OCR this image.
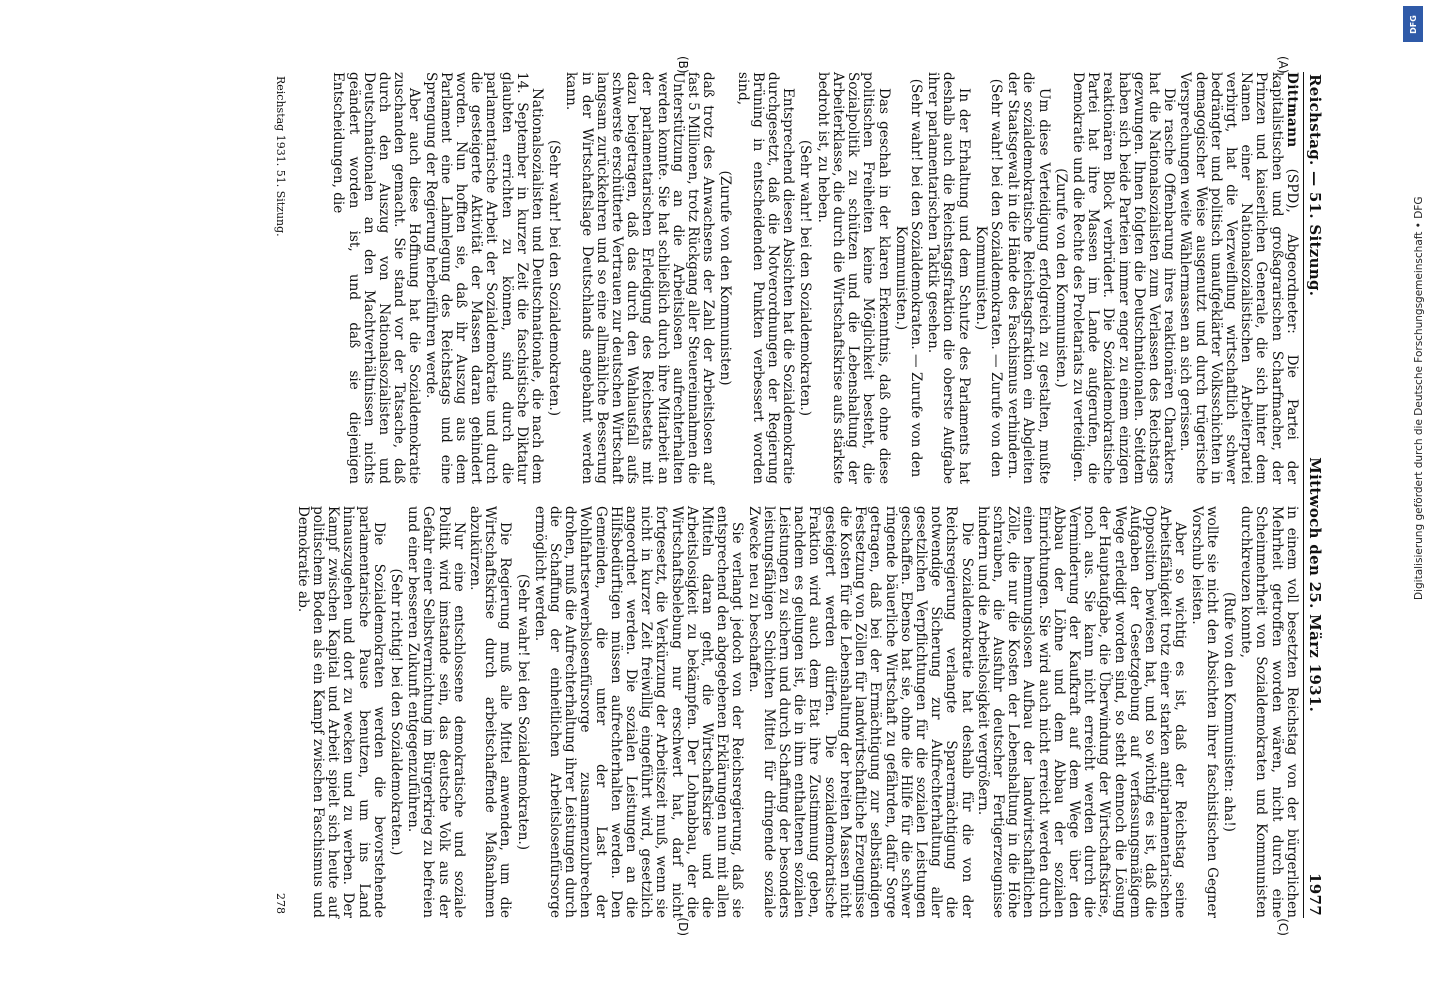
Reichstag. — 51. Sitzung.
Mittwoch den 25. März 1931.
1977

Dittmann (SPD), Abgeordneter: Die Partei der kapitalistischen und großagrarischen Scharfmacher, der Prinzen und kaiserlichen Generale, die sich hinter dem Namen einer Nationalsozialistischen Arbeiterpartei verbirgt, hat die Verzweiflung wirtschaftlich schwer bedrängter und politisch unaufgeklärter Volksschichten in demagogischer Weise ausgenutzt und durch trügerische Versprechungen weite Wählermassen an sich gerissen.

Die rasche Offenbarung ihres reaktionären Charakters hat die Nationalsozialisten zum Verlassen des Reichstags gezwungen. Ihnen folgten die Deutschnationalen. Seitdem haben sich beide Parteien immer enger zu einem einzigen reaktionären Block verbrüdert. Die Sozialdemokratische Partei hat ihre Massen im Lande aufgerufen, die Demokratie und die Rechte des Proletariats zu verteidigen.

(Zurufe von den Kommunisten.)

Um diese Verteidigung erfolgreich zu gestalten, mußte die sozialdemokratische Reichstagsfraktion ein Abgleiten der Staatsgewalt in die Hände des Faschismus verhindern.

(Sehr wahr! bei den Sozialdemokraten. — Zurufe von den Kommunisten.)

In der Erhaltung und dem Schutze des Parlaments hat deshalb auch die Reichstagsfraktion die oberste Aufgabe ihrer parlamentarischen Taktik gesehen.

(Sehr wahr! bei den Sozialdemokraten. — Zurufe von den Kommunisten.)

Das geschah in der klaren Erkenntnis, daß ohne diese politischen Freiheiten keine Möglichkeit besteht, die Sozialpolitik zu schützen und die Lebenshaltung der Arbeiterklasse, die durch die Wirtschaftskrise aufs stärkste bedroht ist, zu heben.

(Sehr wahr! bei den Sozialdemokraten.)

Entsprechend diesen Absichten hat die Sozialdemokratie durchgesetzt, daß die Notverordnungen der Regierung Brüning in entscheidenden Punkten verbessert worden sind,

(Zurufe von den Kommunisten)

daß trotz des Anwachsens der Zahl der Arbeitslosen auf fast 5 Millionen, trotz Rückgang aller Steuereinnahmen die Unterstützung an die Arbeitslosen aufrechterhalten werden konnte. Sie hat schließlich durch ihre Mitarbeit an der parlamentarischen Erledigung des Reichsetats mit dazu beigetragen, daß das durch den Wahlausfall aufs schwerste erschütterte Vertrauen zur deutschen Wirtschaft langsam zurückkehren und so eine allmähliche Besserung in der Wirtschaftslage Deutschlands angebahnt werden kann.

(Sehr wahr! bei den Sozialdemokraten.)

Nationalsozialisten und Deutschnationale, die nach dem 14. September in kurzer Zeit die faschistische Diktatur glaubten errichten zu können, sind durch die parlamentarische Arbeit der Sozialdemokratie und durch die gesteigerte Aktivität der Massen daran gehindert worden. Nun hofften sie, daß ihr Auszug aus dem Parlament eine Lahmlegung des Reichstags und eine Sprengung der Regierung herbeiführen werde.

Aber auch diese Hoffnung hat die Sozialdemokratie zuschanden gemacht. Sie stand vor der Tatsache, daß durch den Auszug von Nationalsozialisten und Deutschnationalen an den Machtverhältnissen nichts geändert worden ist, und daß sie diejenigen Entscheidungen, die

in einem voll besetzten Reichstag von der bürgerlichen Mehrheit getroffen worden wären, nicht durch eine Scheinmehrheit von Sozialdemokraten und Kommunisten durchkreuzen konnte,

(Rufe von den Kommunisten: aha!)

wollte sie nicht den Absichten ihrer faschistischen Gegner Vorschub leisten.

Aber so wichtig es ist, daß der Reichstag seine Arbeitsfähigkeit trotz einer starken antiparlamentarischen Opposition bewiesen hat, und so wichtig es ist, daß die Aufgaben der Gesetzgebung auf verfassungsmäßigem Wege erledigt worden sind, so steht dennoch die Lösung der Hauptaufgabe, die Überwindung der Wirtschaftskrise, noch aus. Sie kann nicht erreicht werden durch die Verminderung der Kaufkraft auf dem Wege über den Abbau der Löhne und dem Abbau der sozialen Einrichtungen. Sie wird auch nicht erreicht werden durch einen hemmungslosen Aufbau der landwirtschaftlichen Zölle, die nur die Kosten der Lebenshaltung in die Höhe schrauben, die Ausfuhr deutscher Fertigerzeugnisse hindern und die Arbeitslosigkeit vergrößern.

Die Sozialdemokratie hat deshalb für die von der Reichsregierung verlangte Sparermächtigung die notwendige Sicherung zur Aufrechterhaltung aller gesetzlichen Verpflichtungen für die sozialen Leistungen geschaffen. Ebenso hat sie, ohne die Hilfe für die schwer ringende bäuerliche Wirtschaft zu gefährden, dafür Sorge getragen, daß bei der Ermächtigung zur selbständigen Festsetzung von Zöllen für landwirtschaftliche Erzeugnisse die Kosten für die Lebenshaltung der breiten Massen nicht gesteigert werden dürfen. Die sozialdemokratische Fraktion wird auch dem Etat ihre Zustimmung geben, nachdem es gelungen ist, die in ihm enthaltenen sozialen Leistungen zu sichern und durch Schaffung der besonders leistungsfähigen Schichten Mittel für dringende soziale Zwecke neu zu beschaffen.

Sie verlangt jedoch von der Reichsregierung, daß sie entsprechend den abgegebenen Erklärungen nun mit allen Mitteln daran geht, die Wirtschaftskrise und die Arbeitslosigkeit zu bekämpfen. Der Lohnabbau, der die Wirtschaftsbelebung nur erschwert hat, darf nicht fortgesetzt, die Verkürzung der Arbeitszeit muß, wenn sie nicht in kurzer Zeit freiwillig eingeführt wird, gesetzlich angeordnet werden. Die sozialen Leistungen an die Hilfsbedürftigen müssen aufrechterhalten werden. Den Gemeinden, die unter der Last der Wohlfahrtserwerbslosenfürsorge zusammenzubrechen drohen, muß die Aufrechterhaltung ihrer Leistungen durch die Schaffung der einheitlichen Arbeitslosenfürsorge ermöglicht werden.

(Sehr wahr! bei den Sozialdemokraten.)

Die Regierung muß alle Mittel anwenden, um die Wirtschaftskrise durch arbeitschaffende Maßnahmen abzukürzen.

Nur eine entschlossene demokratische und soziale Politik wird imstande sein, das deutsche Volk aus der Gefahr einer Selbstvernichtung im Bürgerkrieg zu befreien und einer besseren Zukunft entgegenzuführen.

(Sehr richtig! bei den Sozialdemokraten.)

Die Sozialdemokraten werden die bevorstehende parlamentarische Pause benutzen, um ins Land hinauszugehen und dort zu wecken und zu werben. Der Kampf zwischen Kapital und Arbeit spielt sich heute auf politischem Boden als ein Kampf zwischen Faschismus und Demokratie ab.

(A)
(B)
(C)
(D)
Reichstag 1931. 51. Sitzung.
278
DFG
Digitalisierung gefördert durch die Deutsche Forschungsgemeinschaft • DFG
